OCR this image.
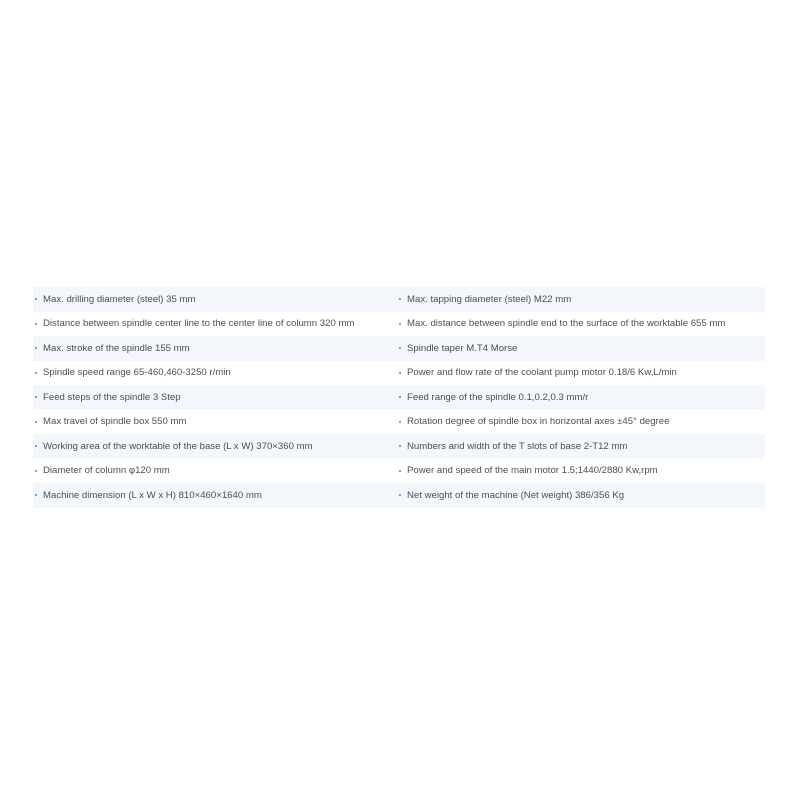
Max. drilling diameter (steel) 35 mm	Max. tapping diameter (steel) M22 mm

Distance between spindle center line to the center line of column 320 mm	Max. distance between spindle end to the surface of the worktable 655 mm

Max. stroke of the spindle 155 mm	Spindle taper M.T4 Morse

Spindle speed range 65-460,460-3250 r/min	Power and flow rate of the coolant pump motor 0.18/6 Kw,L/min

Feed steps of the spindle 3 Step	Feed range of the spindle 0.1,0.2,0.3 mm/r

Max travel of spindle box 550 mm	Rotation degree of spindle box in horizontal axes ±45° degree

Working area of the worktable of the base (L x W) 370×360 mm	Numbers and width of the T slots of base 2-T12 mm

Diameter of column φ120 mm	Power and speed of the main motor 1.5;1440/2880 Kw,rpm

Machine dimension (L x W x H) 810×460×1640 mm	Net weight of the machine (Net weight) 386/356 Kg
